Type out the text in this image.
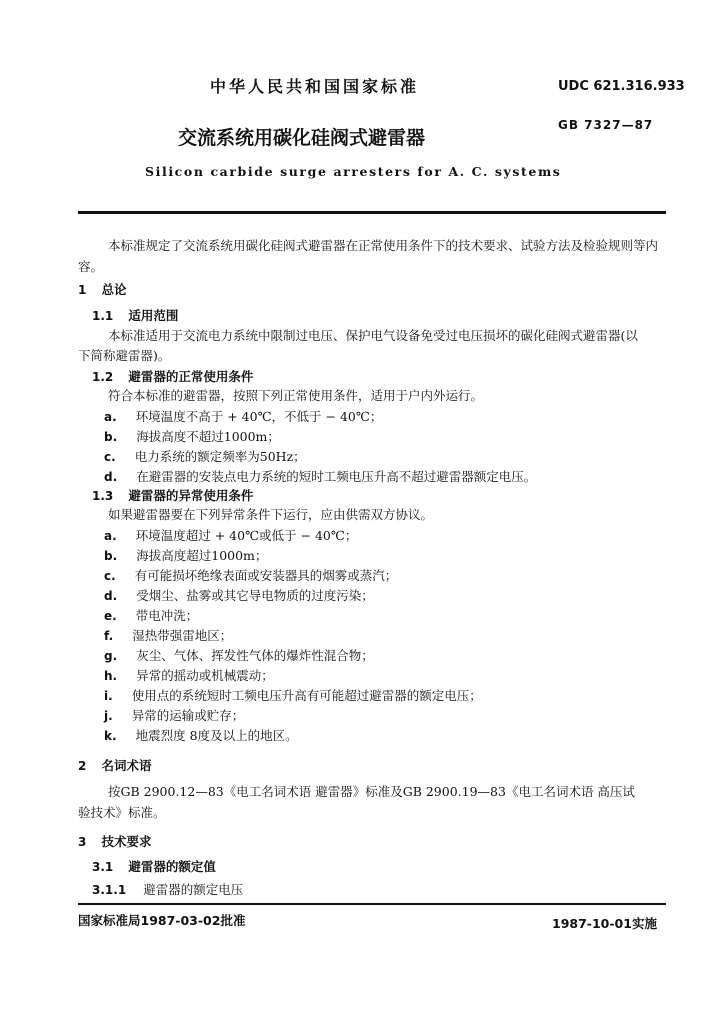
中华人民共和国国家标准	UDC 621.316.933
GB 7327—87
交流系统用碳化硅阀式避雷器
Silicon carbide surge arresters for A. C. systems
本标准规定了交流系统用碳化硅阀式避雷器在正常使用条件下的技术要求、试验方法及检验规则等内
容。
1 总论
1.1 适用范围
本标准适用于交流电力系统中限制过电压、保护电气设备免受过电压损坏的碳化硅阀式避雷器(以
下简称避雷器)。
1.2 避雷器的正常使用条件
符合本标准的避雷器，按照下列正常使用条件，适用于户内外运行。
a. 环境温度不高于 + 40℃，不低于 − 40℃；
b. 海拔高度不超过1000m；
c. 电力系统的额定频率为50Hz；
d. 在避雷器的安装点电力系统的短时工频电压升高不超过避雷器额定电压。
1.3 避雷器的异常使用条件
如果避雷器要在下列异常条件下运行，应由供需双方协议。
a. 环境温度超过 + 40℃或低于 − 40℃；
b. 海拔高度超过1000m；
c. 有可能损坏绝缘表面或安装器具的烟雾或蒸汽；
d. 受烟尘、盐雾或其它导电物质的过度污染；
e. 带电冲洗；
f. 湿热带强雷地区；
g. 灰尘、气体、挥发性气体的爆炸性混合物；
h. 异常的摇动或机械震动；
i. 使用点的系统短时工频电压升高有可能超过避雷器的额定电压；
j. 异常的运输或贮存；
k. 地震烈度 8度及以上的地区。
2 名词术语
按GB 2900.12—83《电工名词术语 避雷器》标准及GB 2900.19—83《电工名词术语 高压试
验技术》标准。
3 技术要求
3.1 避雷器的额定值
3.1.1 避雷器的额定电压
国家标准局1987-03-02批准	1987-10-01实施
